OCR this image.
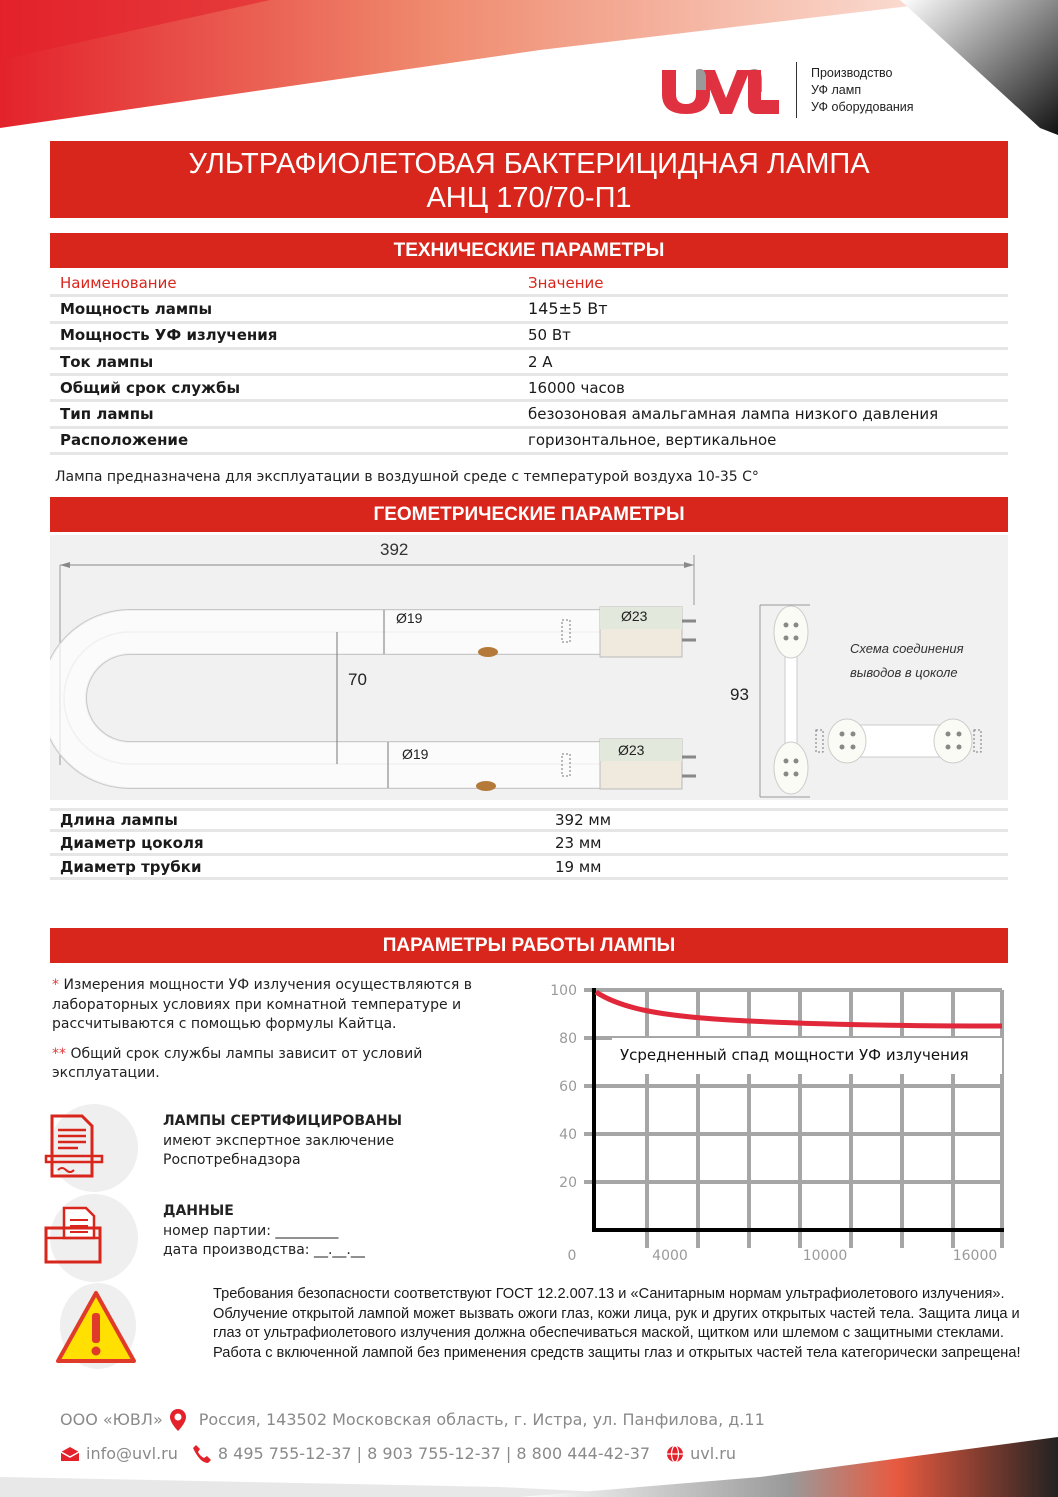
Производство
УФ ламп
УФ оборудования
УЛЬТРАФИОЛЕТОВАЯ БАКТЕРИЦИДНАЯ ЛАМПА
АНЦ 170/70-П1
ТЕХНИЧЕСКИЕ ПАРАМЕТРЫ
Наименование	Значение
Мощность лампы	145±5 Вт
Мощность УФ излучения	50 Вт
Ток лампы	2 А
Общий срок службы	16000 часов
Тип лампы	безозоновая амальгамная лампа низкого давления
Расположение	горизонтальное, вертикальное
Лампа предназначена для эксплуатации в воздушной среде с температурой воздуха 10-35 С°
ГЕОМЕТРИЧЕСКИЕ ПАРАМЕТРЫ
392
Ø19
Ø19
Ø23
Ø23
70
93
Схема соединения
выводов в цоколе
Длина лампы	392 мм
Диаметр цоколя	23 мм
Диаметр трубки	19 мм
ПАРАМЕТРЫ РАБОТЫ ЛАМПЫ

* Измерения мощности УФ излучения осуществляются в лабораторных условиях при комнатной температуре и рассчитываются с помощью формулы Кайтца.

** Общий срок службы лампы зависит от условий эксплуатации.

ЛАМПЫ СЕРТИФИЦИРОВАНЫ
имеют экспертное заключение
Роспотребнадзора
ДАННЫЕ
номер партии: _________
дата производства: __.__.__
Усредненный спад мощности УФ излучения
100
80
60
40
20
0	4000	10000	16000
Требования безопасности соответствуют ГОСТ 12.2.007.13 и «Санитарным нормам ультрафиолетового излучения». Облучение открытой лампой может вызвать ожоги глаз, кожи лица, рук и других открытых частей тела. Защита лица и глаз от ультрафиолетового излучения должна обеспечиваться маской, щитком или шлемом с защитными стеклами. Работа с включенной лампой без применения средств защиты глаз и открытых частей тела категорически запрещена!
ООО «ЮВЛ» Россия, 143502 Московская область, г. Истра, ул. Панфилова, д.11
info@uvl.ru	8 495 755-12-37 | 8 903 755-12-37 | 8 800 444-42-37	uvl.ru
